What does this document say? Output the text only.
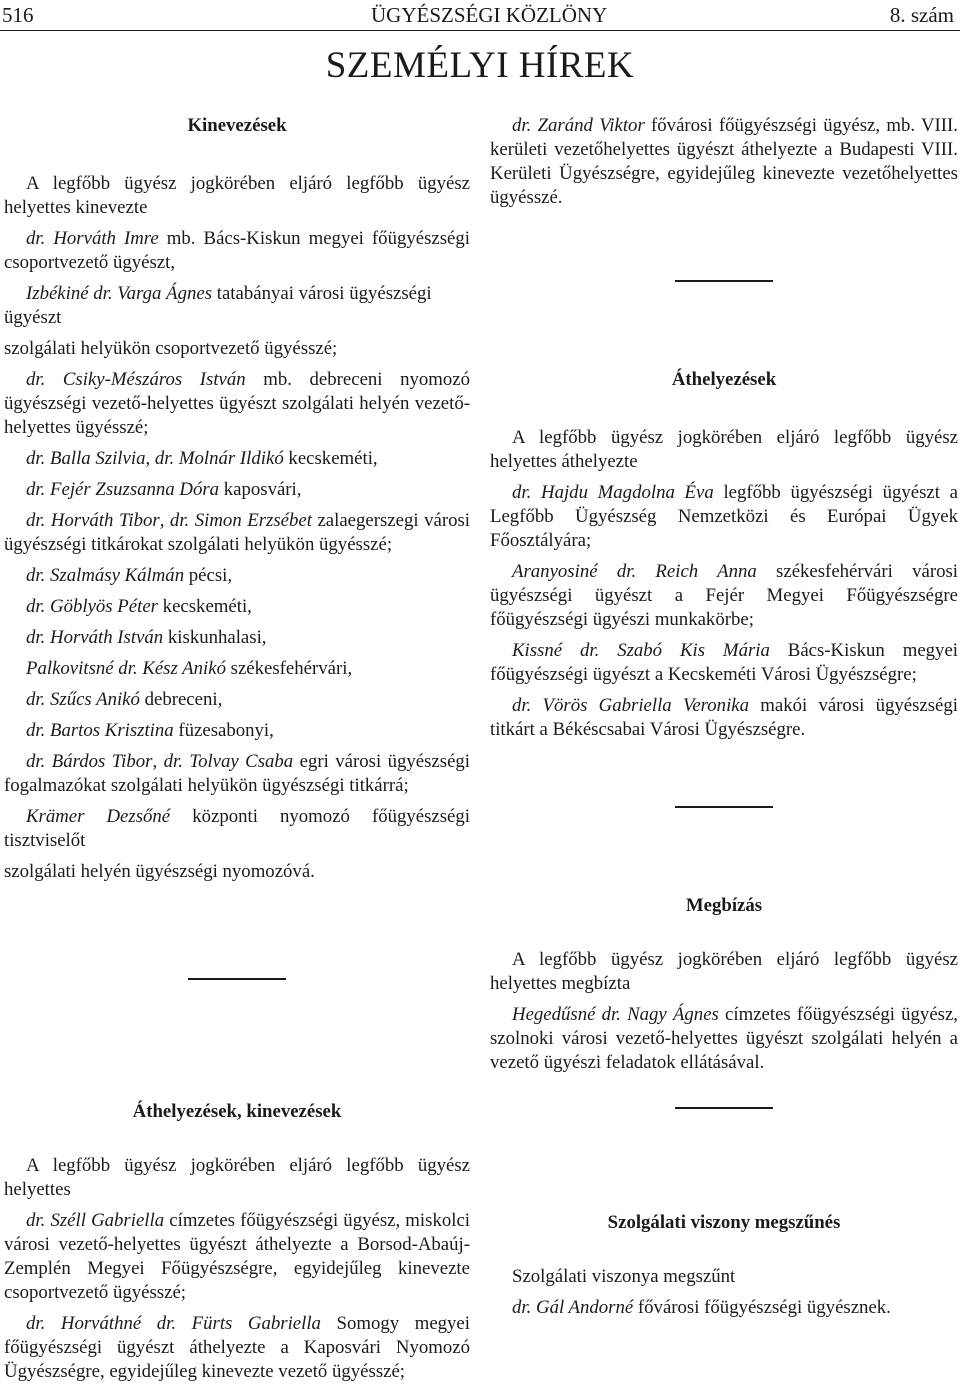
516	ÜGYÉSZSÉGI KÖZLÖNY	8. szám
SZEMÉLYI HÍREK
Kinevezések

A legfőbb ügyész jogkörében eljáró legfőbb ügyész helyettes kinevezte

dr. Horváth Imre mb. Bács-Kiskun megyei főügyészségi csoportvezető ügyészt,

Izbékiné dr. Varga Ágnes tatabányai városi ügyészségi ügyészt

szolgálati helyükön csoportvezető ügyésszé;

dr. Csiky-Mészáros István mb. debreceni nyomozó ügyészségi vezető-helyettes ügyészt szolgálati helyén vezető-helyettes ügyésszé;

dr. Balla Szilvia, dr. Molnár Ildikó kecskeméti,

dr. Fejér Zsuzsanna Dóra kaposvári,

dr. Horváth Tibor, dr. Simon Erzsébet zalaegerszegi városi ügyészségi titkárokat szolgálati helyükön ügyésszé;

dr. Szalmásy Kálmán pécsi,

dr. Göblyös Péter kecskeméti,

dr. Horváth István kiskunhalasi,

Palkovitsné dr. Kész Anikó székesfehérvári,

dr. Szűcs Anikó debreceni,

dr. Bartos Krisztina füzesabonyi,

dr. Bárdos Tibor, dr. Tolvay Csaba egri városi ügyészségi fogalmazókat szolgálati helyükön ügyészségi titkárrá;

Krämer Dezsőné központi nyomozó főügyészségi tisztviselőt

szolgálati helyén ügyészségi nyomozóvá.

Áthelyezések, kinevezések

A legfőbb ügyész jogkörében eljáró legfőbb ügyész helyettes

dr. Széll Gabriella címzetes főügyészségi ügyész, miskolci városi vezető-helyettes ügyészt áthelyezte a Borsod-Abaúj-Zemplén Megyei Főügyészségre, egyidejűleg kinevezte csoportvezető ügyésszé;

dr. Horváthné dr. Fürts Gabriella Somogy megyei főügyészségi ügyészt áthelyezte a Kaposvári Nyomozó Ügyészségre, egyidejűleg kinevezte vezető ügyésszé;

dr. Zaránd Viktor fővárosi főügyészségi ügyész, mb. VIII. kerületi vezetőhelyettes ügyészt áthelyezte a Budapesti VIII. Kerületi Ügyészségre, egyidejűleg kinevezte vezetőhelyettes ügyésszé.

Áthelyezések

A legfőbb ügyész jogkörében eljáró legfőbb ügyész helyettes áthelyezte

dr. Hajdu Magdolna Éva legfőbb ügyészségi ügyészt a Legfőbb Ügyészség Nemzetközi és Európai Ügyek Főosztályára;

Aranyosiné dr. Reich Anna székesfehérvári városi ügyészségi ügyészt a Fejér Megyei Főügyészségre főügyészségi ügyészi munkakörbe;

Kissné dr. Szabó Kis Mária Bács-Kiskun megyei főügyészségi ügyészt a Kecskeméti Városi Ügyészségre;

dr. Vörös Gabriella Veronika makói városi ügyészségi titkárt a Békéscsabai Városi Ügyészségre.

Megbízás

A legfőbb ügyész jogkörében eljáró legfőbb ügyész helyettes megbízta

Hegedűsné dr. Nagy Ágnes címzetes főügyészségi ügyész, szolnoki városi vezető-helyettes ügyészt szolgálati helyén a vezető ügyészi feladatok ellátásával.

Szolgálati viszony megszűnés

Szolgálati viszonya megszűnt

dr. Gál Andorné fővárosi főügyészségi ügyésznek.
